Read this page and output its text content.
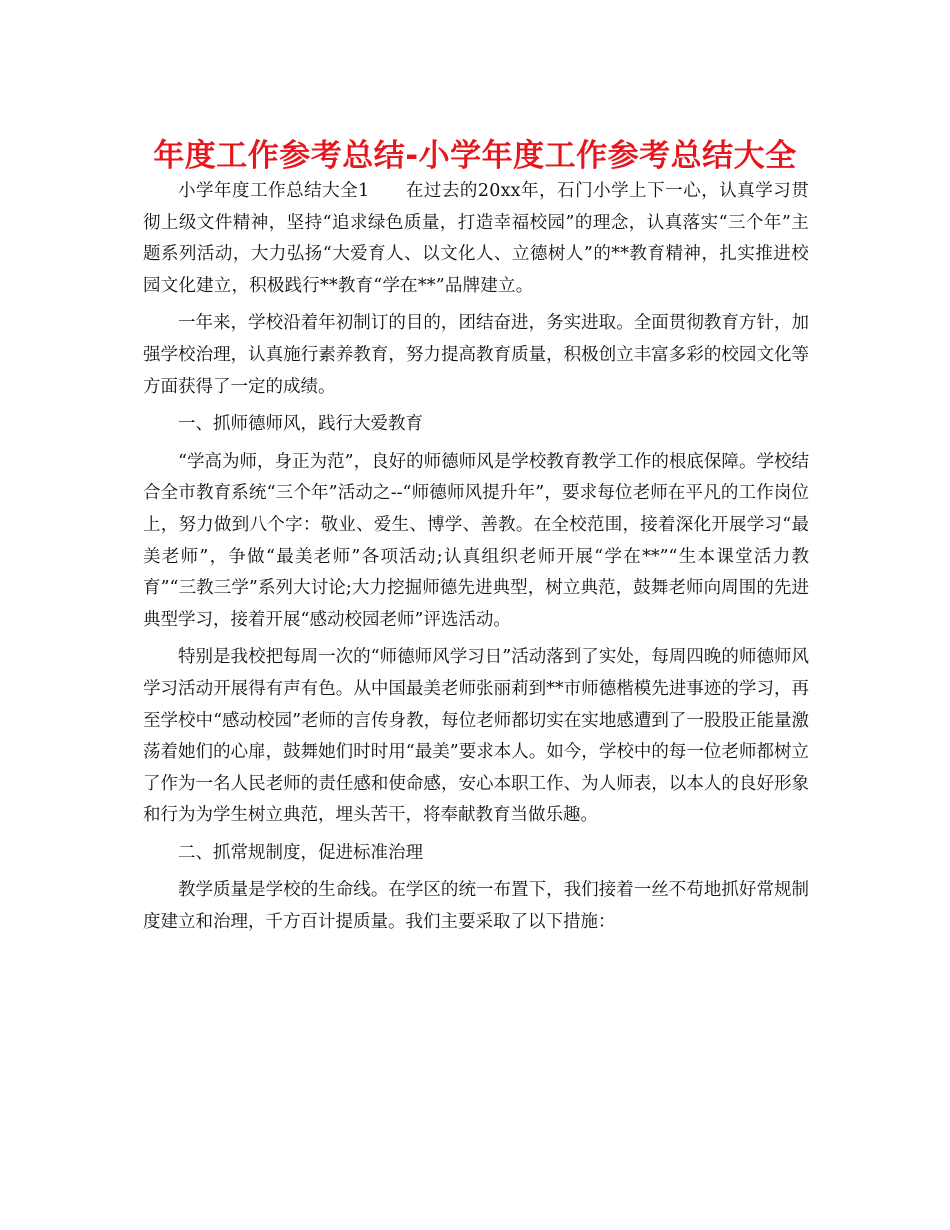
年度工作参考总结-小学年度工作参考总结大全

小学年度工作总结大全1 在过去的20xx年，石门小学上下一心，认真学习贯彻上级文件精神，坚持“追求绿色质量，打造幸福校园”的理念，认真落实“三个年”主题系列活动，大力弘扬“大爱育人、以文化人、立德树人”的**教育精神，扎实推进校园文化建立，积极践行**教育“学在**”品牌建立。

一年来，学校沿着年初制订的目的，团结奋进，务实进取。全面贯彻教育方针，加强学校治理，认真施行素养教育，努力提高教育质量，积极创立丰富多彩的校园文化等方面获得了一定的成绩。

一、抓师德师风，践行大爱教育

“学高为师，身正为范”，良好的师德师风是学校教育教学工作的根底保障。学校结合全市教育系统“三个年”活动之--“师德师风提升年”，要求每位老师在平凡的工作岗位上，努力做到八个字：敬业、爱生、博学、善教。在全校范围，接着深化开展学习“最美老师”，争做“最美老师”各项活动;认真组织老师开展“学在**”“生本课堂活力教育”“三教三学”系列大讨论;大力挖掘师德先进典型，树立典范，鼓舞老师向周围的先进典型学习，接着开展“感动校园老师”评选活动。

特别是我校把每周一次的“师德师风学习日”活动落到了实处，每周四晚的师德师风学习活动开展得有声有色。从中国最美老师张丽莉到**市师德楷模先进事迹的学习，再至学校中“感动校园”老师的言传身教，每位老师都切实在实地感遭到了一股股正能量激荡着她们的心扉，鼓舞她们时时用“最美”要求本人。如今，学校中的每一位老师都树立了作为一名人民老师的责任感和使命感，安心本职工作、为人师表，以本人的良好形象和行为为学生树立典范，埋头苦干，将奉献教育当做乐趣。

二、抓常规制度，促进标准治理

教学质量是学校的生命线。在学区的统一布置下，我们接着一丝不苟地抓好常规制度建立和治理，千方百计提质量。我们主要采取了以下措施：
